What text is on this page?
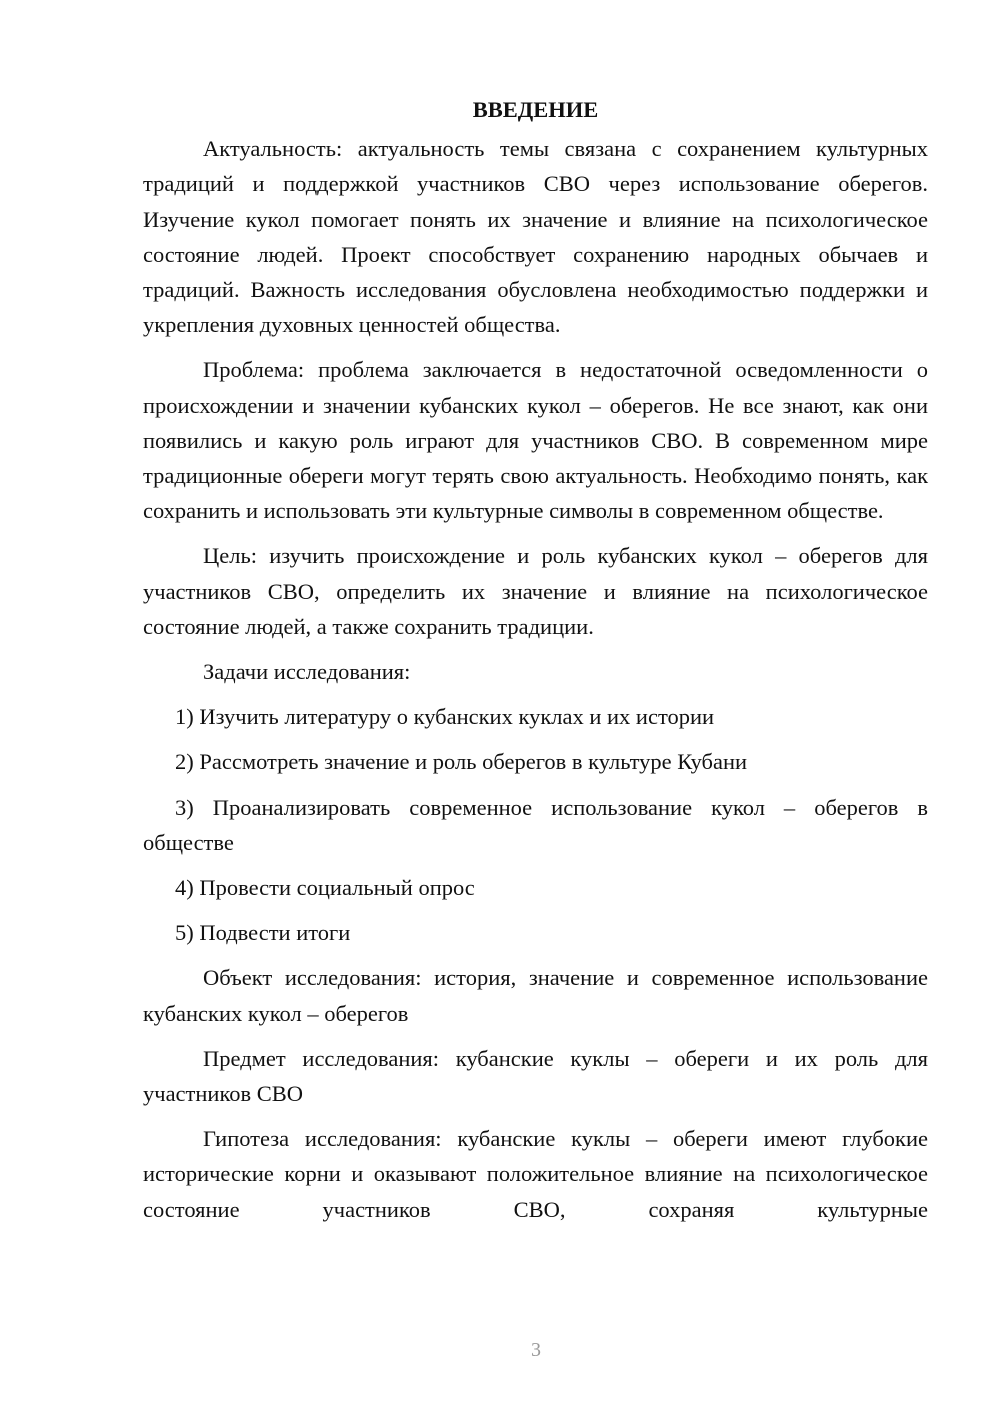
ВВЕДЕНИЕ

Актуальность: актуальность темы связана с сохранением культурных традиций и поддержкой участников СВО через использование оберегов. Изучение кукол помогает понять их значение и влияние на психологическое состояние людей. Проект способствует сохранению народных обычаев и традиций. Важность исследования обусловлена необходимостью поддержки и укрепления духовных ценностей общества.

Проблема: проблема заключается в недостаточной осведомленности о происхождении и значении кубанских кукол – оберегов. Не все знают, как они появились и какую роль играют для участников СВО. В современном мире традиционные обереги могут терять свою актуальность. Необходимо понять, как сохранить и использовать эти культурные символы в современном обществе.

Цель: изучить происхождение и роль кубанских кукол – оберегов для участников СВО, определить их значение и влияние на психологическое состояние людей, а также сохранить традиции.

Задачи исследования:

1) Изучить литературу о кубанских куклах и их истории

2) Рассмотреть значение и роль оберегов в культуре Кубани

3) Проанализировать современное использование кукол – оберегов в обществе

4) Провести социальный опрос

5) Подвести итоги

Объект исследования: история, значение и современное использование кубанских кукол – оберегов

Предмет исследования: кубанские куклы – обереги и их роль для участников СВО

Гипотеза исследования: кубанские куклы – обереги имеют глубокие исторические корни и оказывают положительное влияние на психологическое состояние участников СВО, сохраняя культурные

3
